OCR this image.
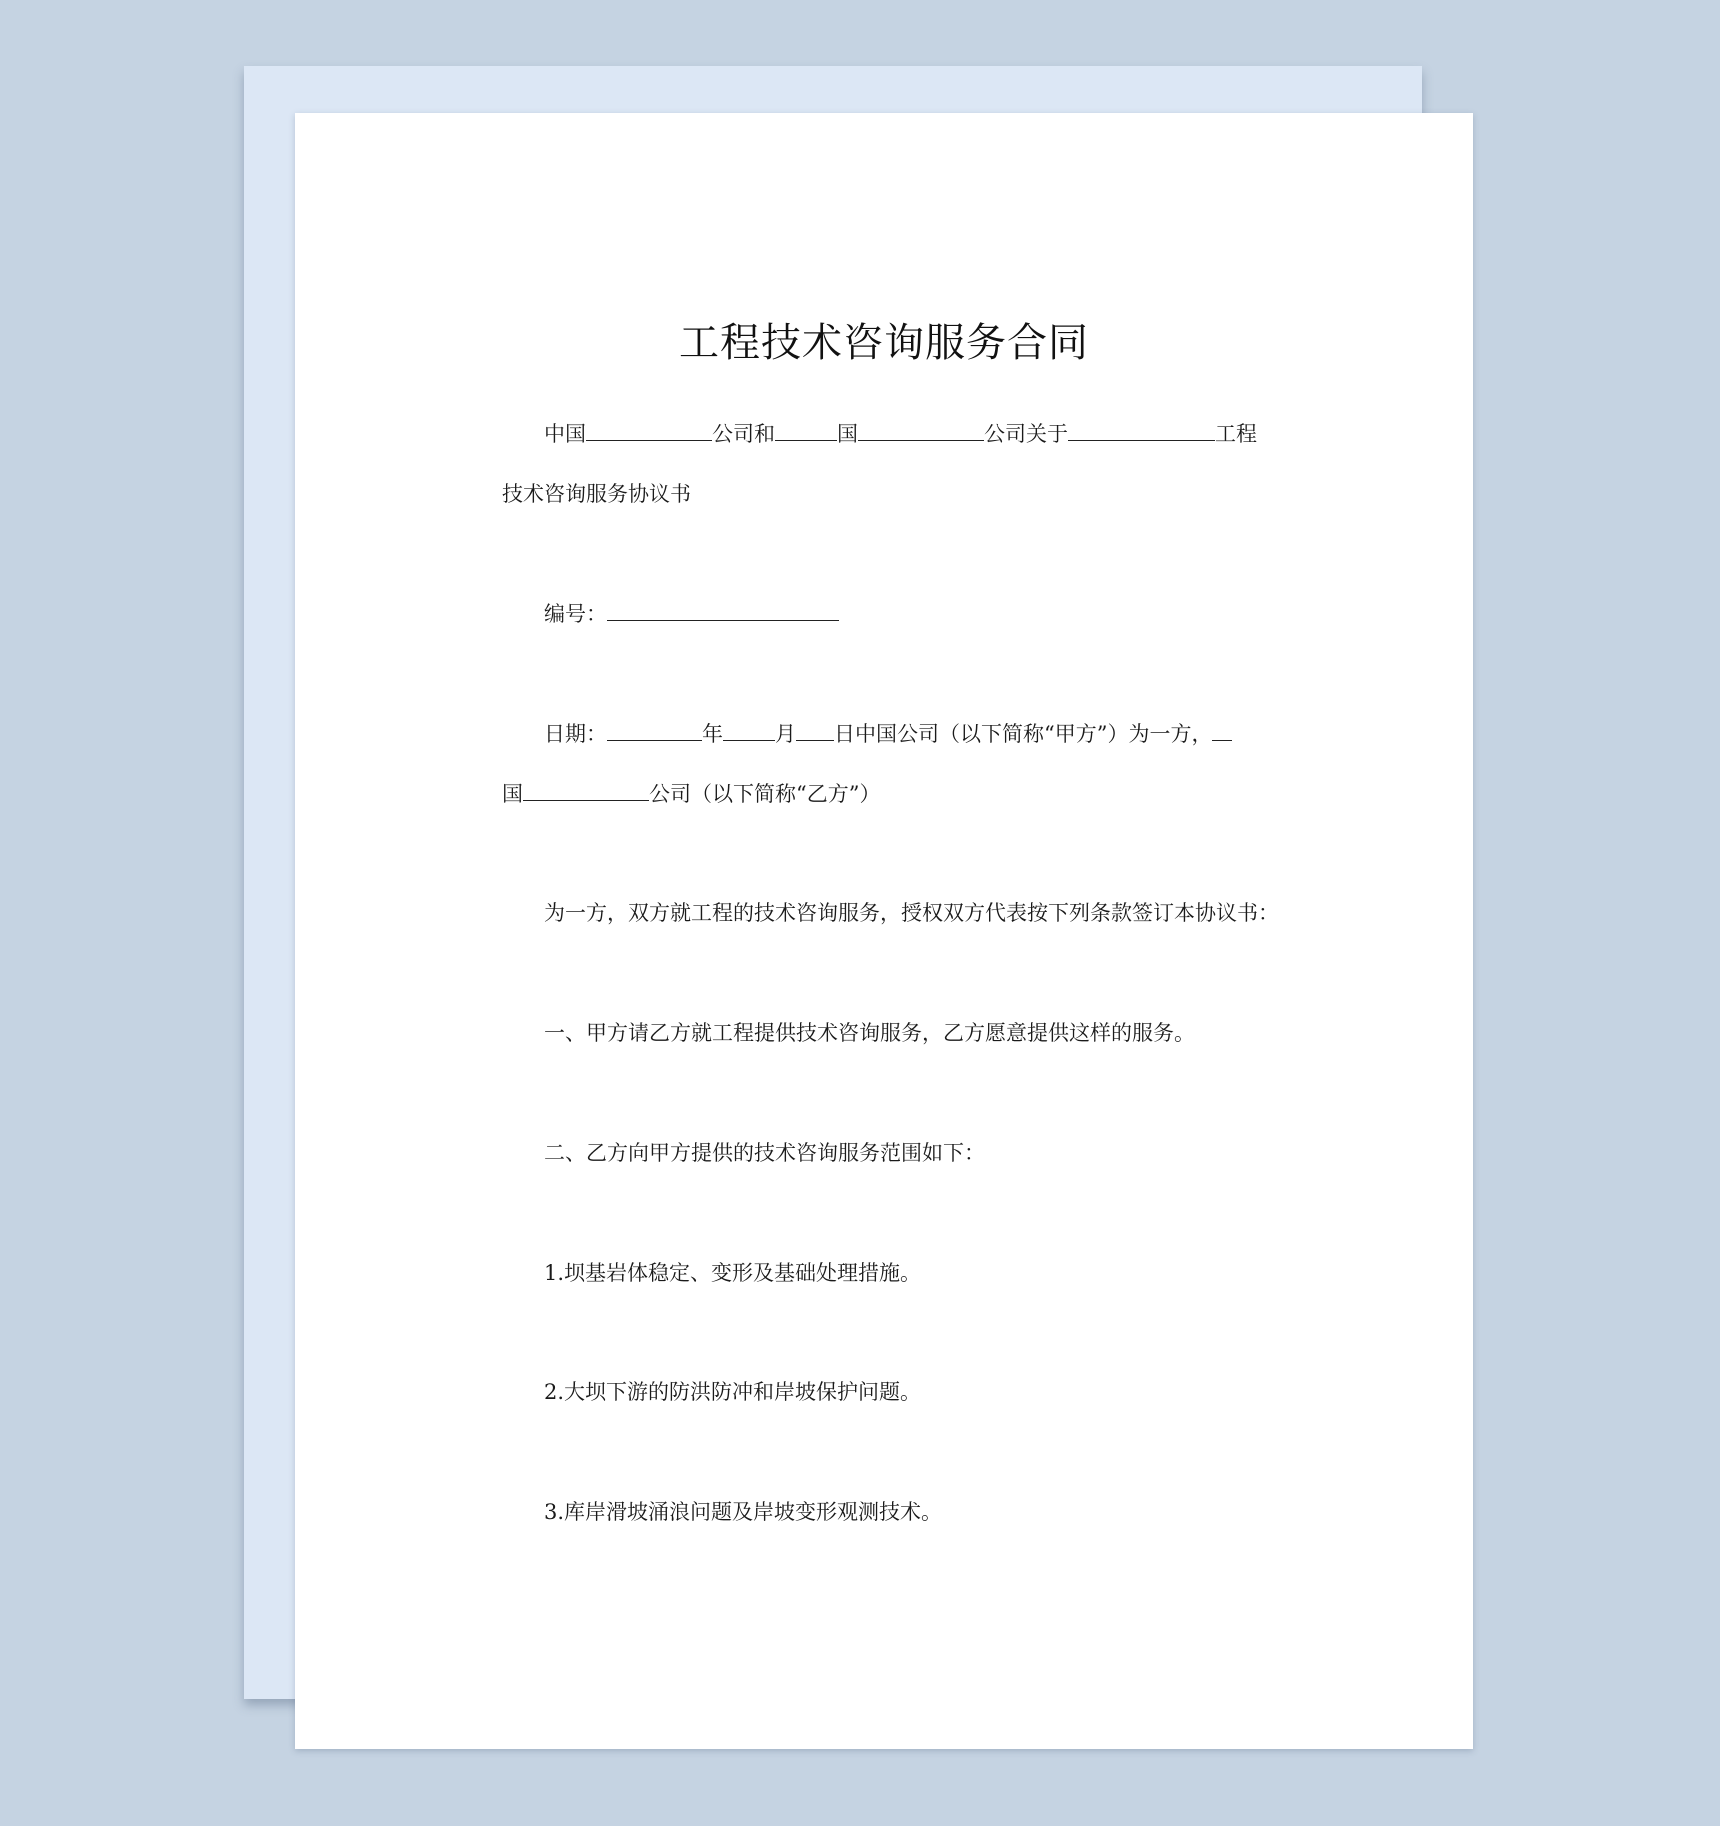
工程技术咨询服务合同
中国	公司和	国	公司关于	工程
技术咨询服务协议书
编号：
日期：	年 月 日中国公司（以下简称“甲方”）为一方，
国	公司（以下简称“乙方”）
为一方，双方就工程的技术咨询服务，授权双方代表按下列条款签订本协议书：
一、甲方请乙方就工程提供技术咨询服务，乙方愿意提供这样的服务。
二、乙方向甲方提供的技术咨询服务范围如下：
1.坝基岩体稳定、变形及基础处理措施。
2.大坝下游的防洪防冲和岸坡保护问题。
3.库岸滑坡涌浪问题及岸坡变形观测技术。
